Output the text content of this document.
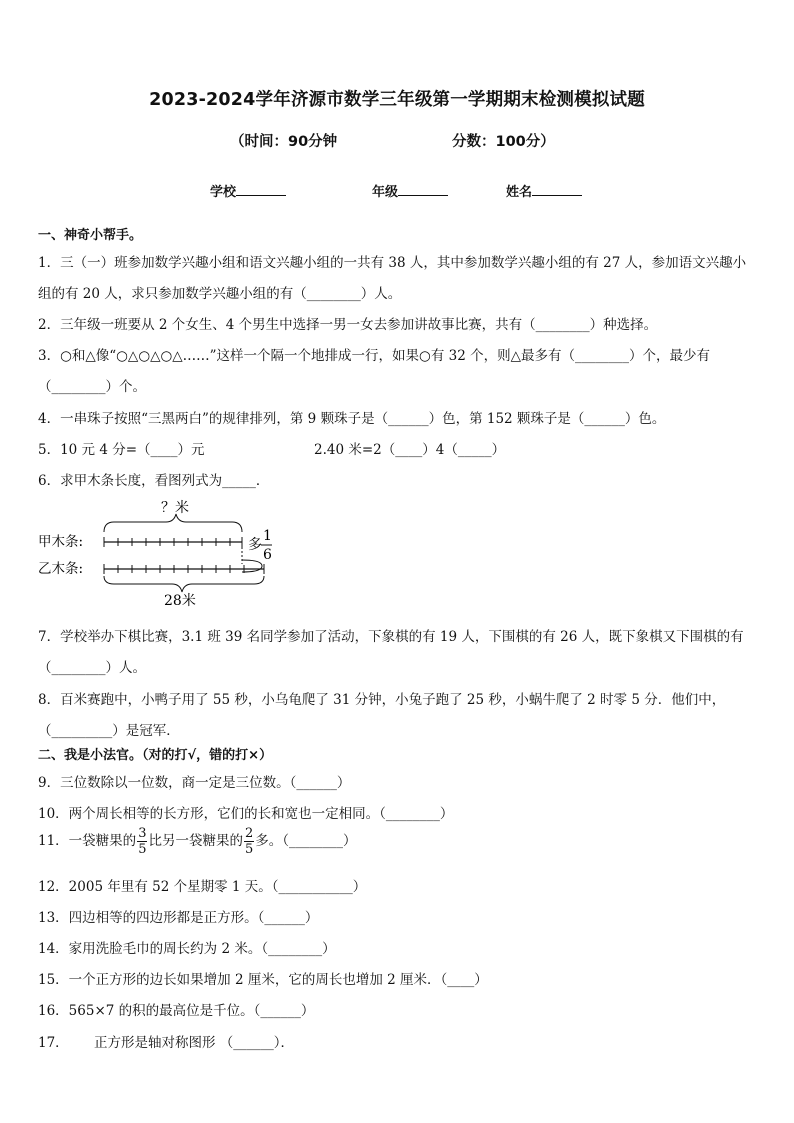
2023-2024学年济源市数学三年级第一学期期末检测模拟试题
（时间：90分钟	分数：100分）
学校	年级	姓名
一、神奇小帮手。
1．三（一）班参加数学兴趣小组和语文兴趣小组的一共有 38 人，其中参加数学兴趣小组的有 27 人，参加语文兴趣小
组的有 20 人，求只参加数学兴趣小组的有（________）人。
2．三年级一班要从 2 个女生、4 个男生中选择一男一女去参加讲故事比赛，共有（________）种选择。
3．○和△像“○△○△○△……”这样一个隔一个地排成一行，如果○有 32 个，则△最多有（________）个，最少有
（________）个。
4．一串珠子按照“三黑两白”的规律排列，第 9 颗珠子是（______）色，第 152 颗珠子是（______）色。
5．10 元 4 分=（____）元	2.40 米=2（____）4（_____）
6．求甲木条长度，看图列式为_____．
？米
甲木条:	多
1
6
乙木条:
28米
7．学校举办下棋比赛，3.1 班 39 名同学参加了活动，下象棋的有 19 人，下围棋的有 26 人，既下象棋又下围棋的有
（________）人。
8．百米赛跑中，小鸭子用了 55 秒，小乌龟爬了 31 分钟，小兔子跑了 25 秒，小蜗牛爬了 2 时零 5 分．他们中，
（_________）是冠军．
二、我是小法官。（对的打√，错的打×）
9．三位数除以一位数，商一定是三位数。（______）
10．两个周长相等的长方形，它们的长和宽也一定相同。（________）
11．一袋糖果的 $\frac{3}{5}$ 比另一袋糖果的 $\frac{2}{5}$ 多。（________）
12．2005 年里有 52 个星期零 1 天。（___________）
13．四边相等的四边形都是正方形。（______）
14．家用洗脸毛巾的周长约为 2 米。（________）
15．一个正方形的边长如果增加 2 厘米，它的周长也增加 2 厘米．（____）
16．565×7 的积的最高位是千位。（______）
17． 正方形是轴对称图形 （______）．
